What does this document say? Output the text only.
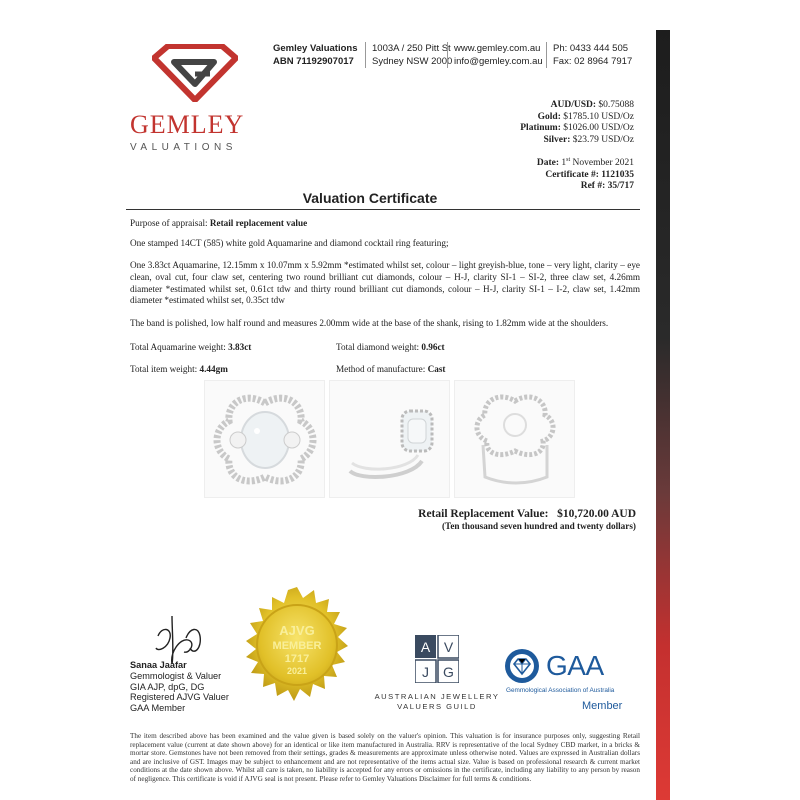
GEMLEY
VALUATIONS
Gemley Valuations
ABN 71192907017
1003A / 250 Pitt St
Sydney NSW 2000
www.gemley.com.au
info@gemley.com.au
Ph: 0433 444 505
Fax: 02 8964 7917
AUD/USD: $0.75088
Gold: $1785.10 USD/Oz
Platinum: $1026.00 USD/Oz
Silver: $23.79 USD/Oz
Date: 1st November 2021
Certificate #: 1121035
Ref #: 35/717
Valuation Certificate
Purpose of appraisal: Retail replacement value
One stamped 14CT (585) white gold Aquamarine and diamond cocktail ring featuring;
One 3.83ct Aquamarine, 12.15mm x 10.07mm x 5.92mm *estimated whilst set, colour – light greyish-blue, tone – very light, clarity – eye clean, oval cut, four claw set, centering two round brilliant cut diamonds, colour – H-J, clarity SI-1 – SI-2, three claw set, 4.26mm diameter *estimated whilst set, 0.61ct tdw and thirty round brilliant cut diamonds, colour – H-J, clarity SI-1 – I-2, claw set, 1.42mm diameter *estimated whilst set, 0.35ct tdw
The band is polished, low half round and measures 2.00mm wide at the base of the shank, rising to 1.82mm wide at the shoulders.
Total Aquamarine weight: 3.83ct	Total diamond weight: 0.96ct
Total item weight: 4.44gm	Method of manufacture: Cast
Retail Replacement Value: $10,720.00 AUD
(Ten thousand seven hundred and twenty dollars)
Sanaa Jaafar
Gemmologist & Valuer
GIA AJP, dpG, DG
Registered AJVG Valuer
GAA Member
AJVG
MEMBER
1717
2021
A V
J G
AUSTRALIAN JEWELLERY
VALUERS GUILD
GAA
Gemmological Association of Australia
Member
The item described above has been examined and the value given is based solely on the valuer's opinion. This valuation is for insurance purposes only, suggesting Retail replacement value (current at date shown above) for an identical or like item manufactured in Australia. RRV is representative of the local Sydney CBD market, in a bricks & mortar store. Gemstones have not been removed from their settings, grades & measurements are approximate unless otherwise noted. Values are expressed in Australian dollars and are inclusive of GST. Images may be subject to enhancement and are not representative of the items actual size. Value is based on professional research & current market conditions at the date shown above. Whilst all care is taken, no liability is accepted for any errors or omissions in the certificate, including any liability to any person by reason of negligence. This certificate is void if AJVG seal is not present. Please refer to Gemley Valuations Disclaimer for full terms & conditions.
